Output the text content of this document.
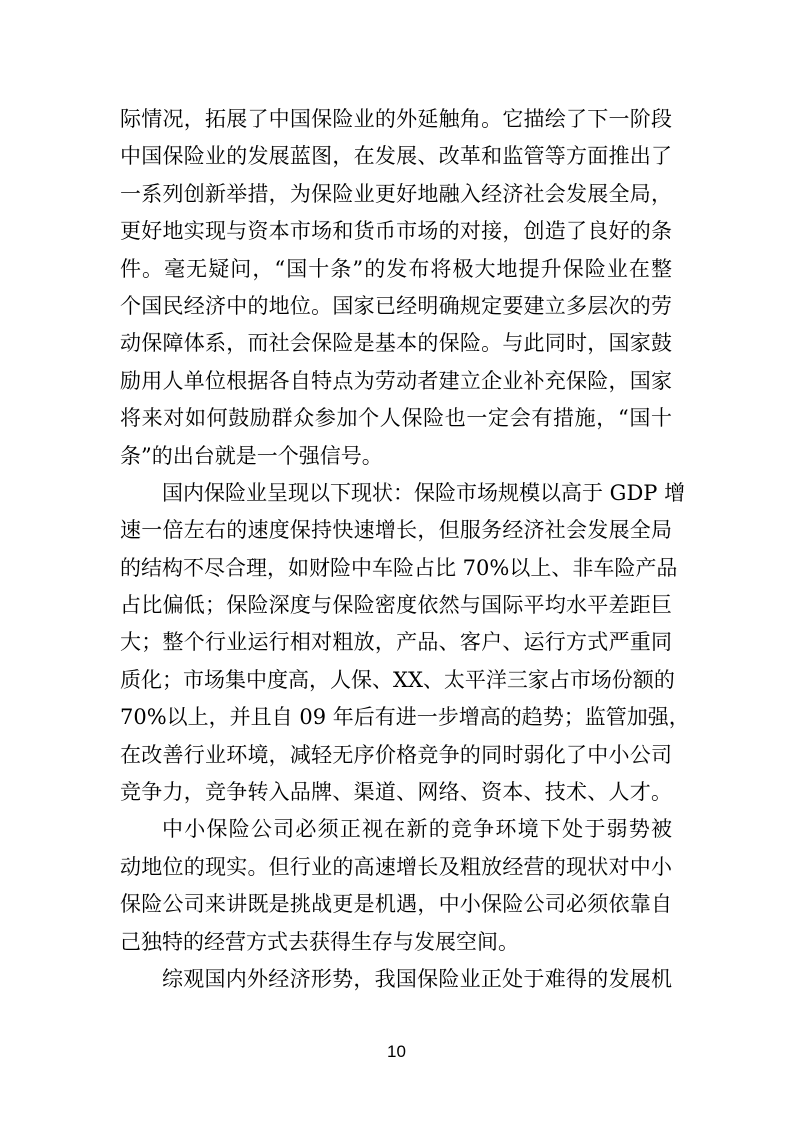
际情况，拓展了中国保险业的外延触角。它描绘了下一阶段
中国保险业的发展蓝图，在发展、改革和监管等方面推出了
一系列创新举措，为保险业更好地融入经济社会发展全局，
更好地实现与资本市场和货币市场的对接，创造了良好的条
件。毫无疑问，“国十条”的发布将极大地提升保险业在整
个国民经济中的地位。国家已经明确规定要建立多层次的劳
动保障体系，而社会保险是基本的保险。与此同时，国家鼓
励用人单位根据各自特点为劳动者建立企业补充保险，国家
将来对如何鼓励群众参加个人保险也一定会有措施，“国十
条”的出台就是一个强信号。
国内保险业呈现以下现状：保险市场规模以高于 GDP 增
速一倍左右的速度保持快速增长，但服务经济社会发展全局
的结构不尽合理，如财险中车险占比 70%以上、非车险产品
占比偏低；保险深度与保险密度依然与国际平均水平差距巨
大；整个行业运行相对粗放，产品、客户、运行方式严重同
质化；市场集中度高，人保、XX、太平洋三家占市场份额的
70%以上，并且自 09 年后有进一步增高的趋势；监管加强，
在改善行业环境，减轻无序价格竞争的同时弱化了中小公司
竞争力，竞争转入品牌、渠道、网络、资本、技术、人才。
中小保险公司必须正视在新的竞争环境下处于弱势被
动地位的现实。但行业的高速增长及粗放经营的现状对中小
保险公司来讲既是挑战更是机遇，中小保险公司必须依靠自
己独特的经营方式去获得生存与发展空间。
综观国内外经济形势，我国保险业正处于难得的发展机
10
